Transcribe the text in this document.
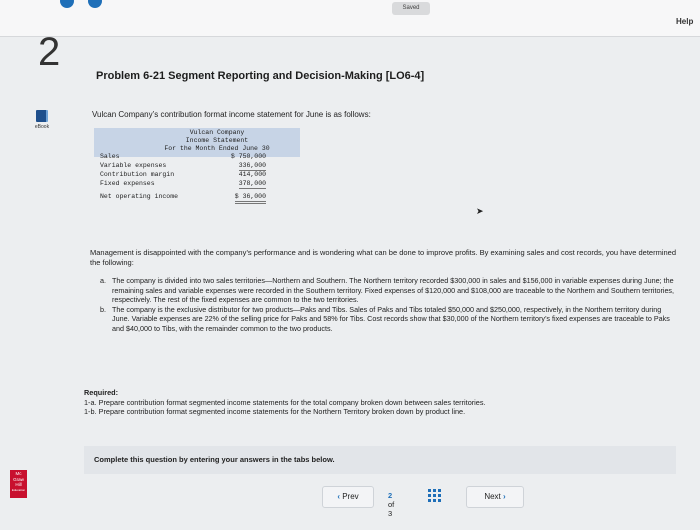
Saved
Help
2
eBook
Problem 6-21 Segment Reporting and Decision-Making [LO6-4]
Vulcan Company’s contribution format income statement for June is as follows:
Vulcan Company
Income Statement
For the Month Ended June 30
Sales	$ 750,000
Variable expenses	336,000
Contribution margin	414,000
Fixed expenses	378,000
Net operating income	$ 36,000
➤
Management is disappointed with the company’s performance and is wondering what can be done to improve profits. By examining sales and cost records, you have determined the following:
a. The company is divided into two sales territories—Northern and Southern. The Northern territory recorded $300,000 in sales and $156,000 in variable expenses during June; the remaining sales and variable expenses were recorded in the Southern territory. Fixed expenses of $120,000 and $108,000 are traceable to the Northern and Southern territories, respectively. The rest of the fixed expenses are common to the two territories.
b. The company is the exclusive distributor for two products—Paks and Tibs. Sales of Paks and Tibs totaled $50,000 and $250,000, respectively, in the Northern territory during June. Variable expenses are 22% of the selling price for Paks and 58% for Tibs. Cost records show that $30,000 of the Northern territory’s fixed expenses are traceable to Paks and $40,000 to Tibs, with the remainder common to the two products.
Required:
1-a. Prepare contribution format segmented income statements for the total company broken down between sales territories.
1-b. Prepare contribution format segmented income statements for the Northern Territory broken down by product line.
Complete this question by entering your answers in the tabs below.
Mc
Graw
Hill
Education
‹ Prev	2 of 3
Next ›
